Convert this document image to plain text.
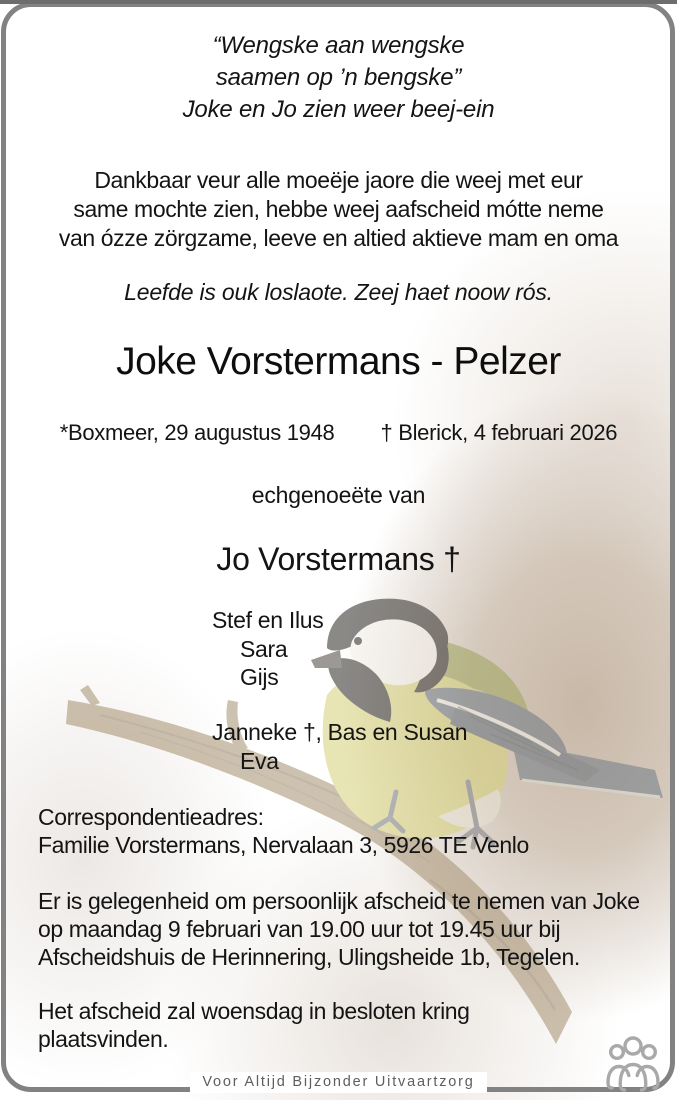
“Wengske aan wengske
saamen op ’n bengske”
Joke en Jo zien weer beej-ein
Dankbaar veur alle moeëje jaore die weej met eur
same mochte zien, hebbe weej aafscheid mótte neme
van ózze zörgzame, leeve en altied aktieve mam en oma
Leefde is ouk loslaote. Zeej haet noow rós.
Joke Vorstermans - Pelzer
*Boxmeer, 29 augustus 1948 † Blerick, 4 februari 2026
echgenoeëte van
Jo Vorstermans †
Stef en Ilus
Sara
Gijs
Janneke †, Bas en Susan
Eva
Correspondentieadres:
Familie Vorstermans, Nervalaan 3, 5926 TE Venlo
Er is gelegenheid om persoonlijk afscheid te nemen van Joke
op maandag 9 februari van 19.00 uur tot 19.45 uur bij
Afscheidshuis de Herinnering, Ulingsheide 1b, Tegelen.
Het afscheid zal woensdag in besloten kring
plaatsvinden.
Voor Altijd Bijzonder Uitvaartzorg
